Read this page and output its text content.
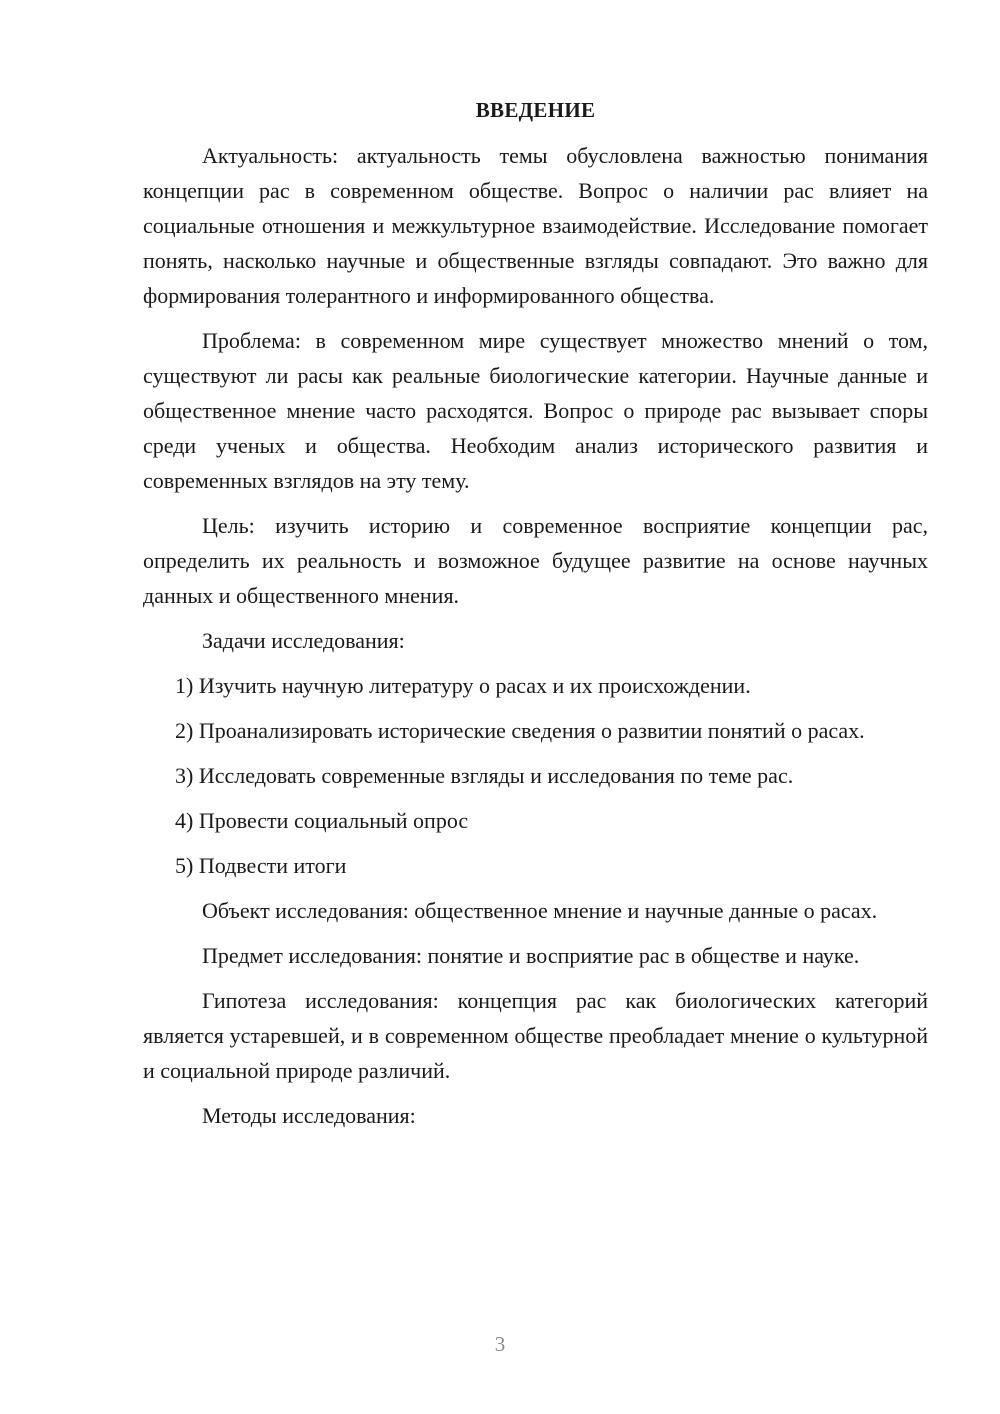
ВВЕДЕНИЕ

Актуальность: актуальность темы обусловлена важностью понимания концепции рас в современном обществе. Вопрос о наличии рас влияет на социальные отношения и межкультурное взаимодействие. Исследование помогает понять, насколько научные и общественные взгляды совпадают. Это важно для формирования толерантного и информированного общества.

Проблема: в современном мире существует множество мнений о том, существуют ли расы как реальные биологические категории. Научные данные и общественное мнение часто расходятся. Вопрос о природе рас вызывает споры среди ученых и общества. Необходим анализ исторического развития и современных взглядов на эту тему.

Цель: изучить историю и современное восприятие концепции рас, определить их реальность и возможное будущее развитие на основе научных данных и общественного мнения.

Задачи исследования:

1) Изучить научную литературу о расах и их происхождении.

2) Проанализировать исторические сведения о развитии понятий о расах.

3) Исследовать современные взгляды и исследования по теме рас.

4) Провести социальный опрос

5) Подвести итоги

Объект исследования: общественное мнение и научные данные о расах.

Предмет исследования: понятие и восприятие рас в обществе и науке.

Гипотеза исследования: концепция рас как биологических категорий является устаревшей, и в современном обществе преобладает мнение о культурной и социальной природе различий.

Методы исследования:

3
